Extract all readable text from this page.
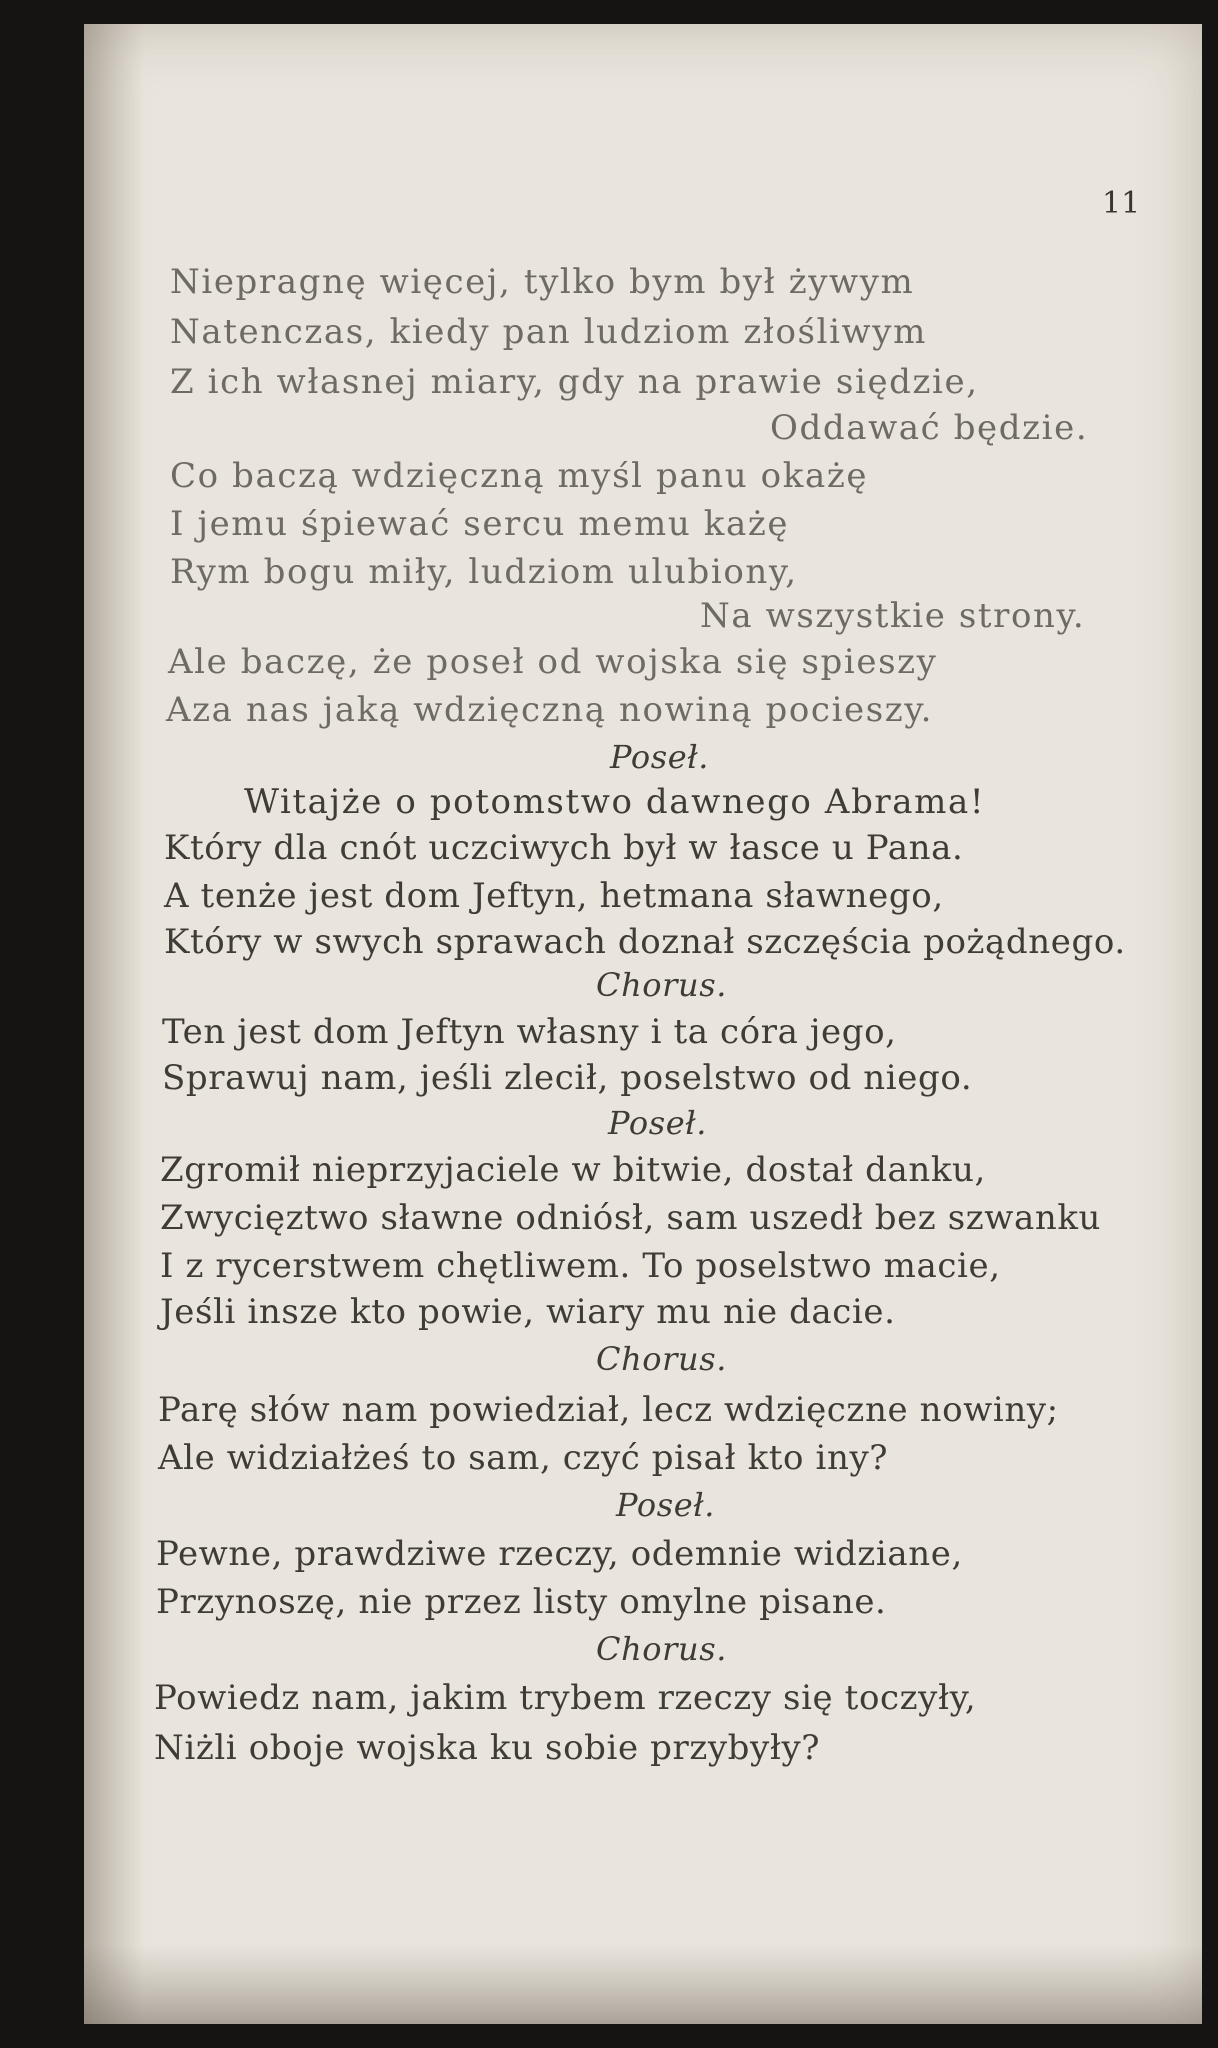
11
Niepragnę więcej, tylko bym był żywym
Natenczas, kiedy pan ludziom złośliwym
Z ich własnej miary, gdy na prawie siędzie,
Oddawać będzie.
Co baczą wdzięczną myśl panu okażę
I jemu śpiewać sercu memu każę
Rym bogu miły, ludziom ulubiony,
Na wszystkie strony.
Ale baczę, że poseł od wojska się spieszy
Aza nas jaką wdzięczną nowiną pocieszy.
Poseł.
Witajże o potomstwo dawnego Abrama!
Który dla cnót uczciwych był w łasce u Pana.
A tenże jest dom Jeftyn, hetmana sławnego,
Który w swych sprawach doznał szczęścia pożądnego.
Chorus.
Ten jest dom Jeftyn własny i ta córa jego,
Sprawuj nam, jeśli zlecił, poselstwo od niego.
Poseł.
Zgromił nieprzyjaciele w bitwie, dostał danku,
Zwycięztwo sławne odniósł, sam uszedł bez szwanku
I z rycerstwem chętliwem. To poselstwo macie,
Jeśli insze kto powie, wiary mu nie dacie.
Chorus.
Parę słów nam powiedział, lecz wdzięczne nowiny;
Ale widziałżeś to sam, czyć pisał kto iny?
Poseł.
Pewne, prawdziwe rzeczy, odemnie widziane,
Przynoszę, nie przez listy omylne pisane.
Chorus.
Powiedz nam, jakim trybem rzeczy się toczyły,
Niżli oboje wojska ku sobie przybyły?
